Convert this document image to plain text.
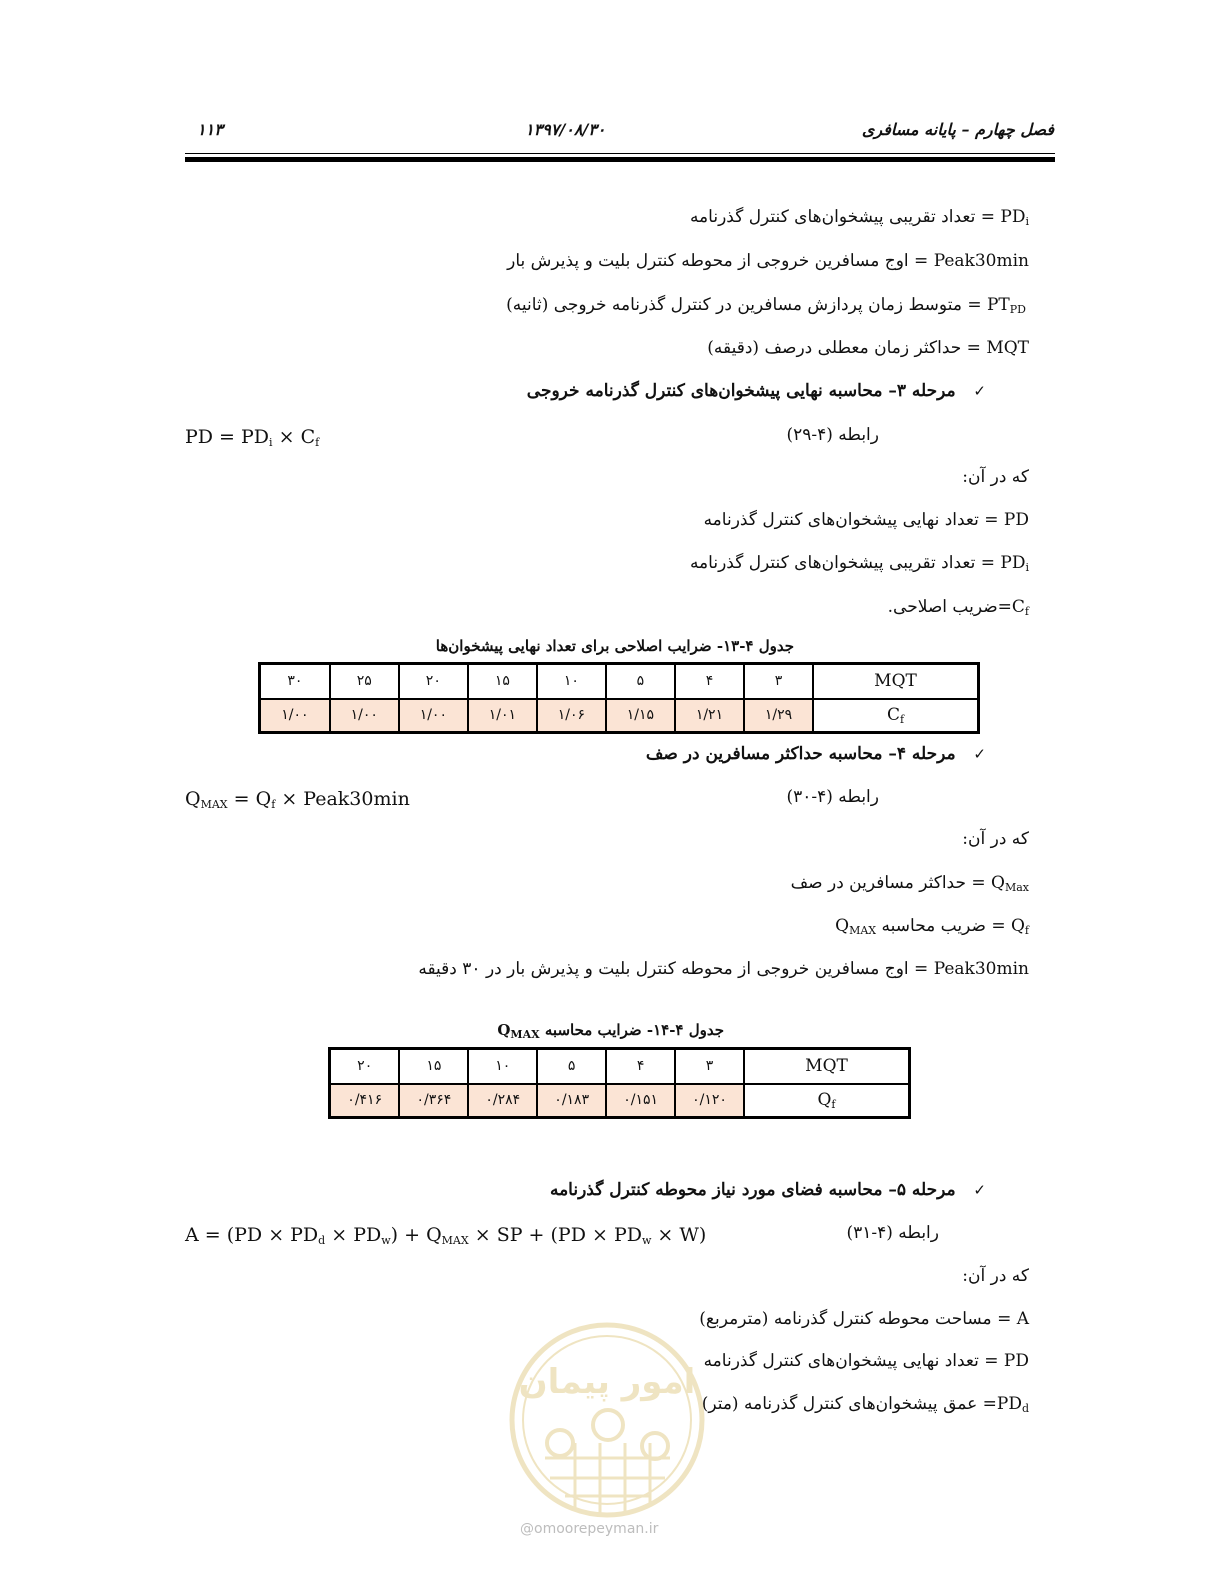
فصل چهارم – پایانه مسافری
۱۳۹۷/۰۸/۳۰
۱۱۳
$PD_i$ = تعداد تقریبی پیشخوان‌های کنترل گذرنامه
Peak30min = اوج مسافرین خروجی از محوطه کنترل بلیت و پذیرش بار
$PT_{PD}$ = متوسط زمان پردازش مسافرین در کنترل گذرنامه خروجی (ثانیه)
MQT = حداکثر زمان معطلی درصف (دقیقه)
✓   مرحله ۳– محاسبه نهایی پیشخوان‌های کنترل گذرنامه خروجی
PD = $PD_i \times C_f$	رابطه (۴-۲۹)
که در آن:
PD = تعداد نهایی پیشخوان‌های کنترل گذرنامه
$PD_i$ = تعداد تقریبی پیشخوان‌های کنترل گذرنامه
$C_f=ضریب$ اصلاحی.
جدول ۴-۱۳- ضرایب اصلاحی برای تعداد نهایی پیشخوان‌ها
MQT	۳	۴	۵	۱۰	۱۵	۲۰	۲۵	۳۰
$C_f$	۱/۲۹	۱/۲۱	۱/۱۵	۱/۰۶	۱/۰۱	۱/۰۰	۱/۰۰	۱/۰۰
✓   مرحله ۴– محاسبه حداکثر مسافرین در صف
$Q_{MAX} = Q_f$ × Peak30min	رابطه (۴-۳۰)
که در آن:
$Q_{Max}$ = حداکثر مسافرین در صف
$Q_f$ = ضریب محاسبه $Q_{MAX}$
Peak30min = اوج مسافرین خروجی از محوطه کنترل بلیت و پذیرش بار در ۳۰ دقیقه
جدول ۴-۱۴- ضرایب محاسبه $Q_{MAX}$
MQT	۳	۴	۵	۱۰	۱۵	۲۰
$Q_f$	۰/۱۲۰	۰/۱۵۱	۰/۱۸۳	۰/۲۸۴	۰/۳۶۴	۰/۴۱۶
✓   مرحله ۵– محاسبه فضای مورد نیاز محوطه کنترل گذرنامه
$A = (PD \times PD_d \times PD_w) + Q_{MAX}$ × SP + $(PD \times PD_w \times W)$	رابطه (۴-۳۱)
که در آن:
A = مساحت محوطه کنترل گذرنامه (مترمربع)
PD = تعداد نهایی پیشخوان‌های کنترل گذرنامه
$PD_d=$ عمق پیشخوان‌های کنترل گذرنامه (متر)
امور پیمان
@omoorepeyman.ir
